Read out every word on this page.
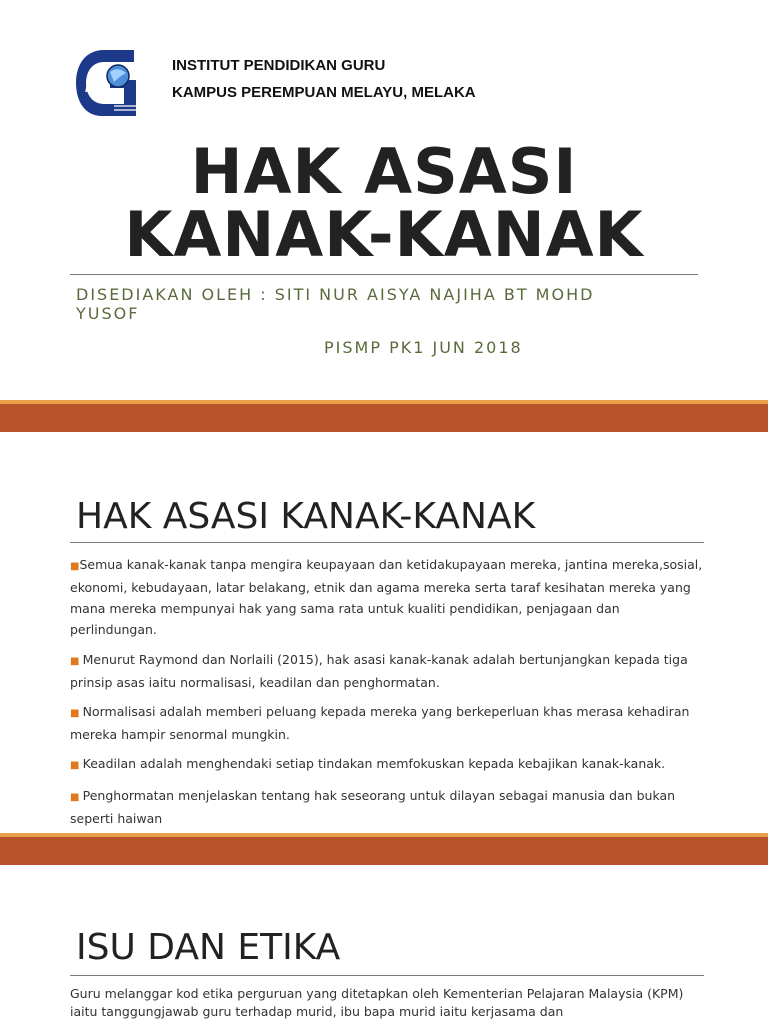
IPG
INSTITUT PENDIDIKAN GURU
KAMPUS PEREMPUAN MELAYU, MELAKA
HAK ASASI
KANAK-KANAK
DISEDIAKAN OLEH : SITI NUR AISYA NAJIHA BT MOHD
YUSOF
PISMP PK1 JUN 2018
HAK ASASI KANAK-KANAK
■Semua kanak-kanak tanpa mengira keupayaan dan ketidakupayaan mereka, jantina mereka,sosial, ekonomi, kebudayaan, latar belakang, etnik dan agama mereka serta taraf kesihatan mereka yang mana mereka mempunyai hak yang sama rata untuk kualiti pendidikan, penjagaan dan perlindungan.
■ Menurut Raymond dan Norlaili (2015), hak asasi kanak-kanak adalah bertunjangkan kepada tiga prinsip asas iaitu normalisasi, keadilan dan penghormatan.
■ Normalisasi adalah memberi peluang kepada mereka yang berkeperluan khas merasa kehadiran mereka hampir senormal mungkin.
■ Keadilan adalah menghendaki setiap tindakan memfokuskan kepada kebajikan kanak-kanak.
■ Penghormatan menjelaskan tentang hak seseorang untuk dilayan sebagai manusia dan bukan seperti haiwan
ISU DAN ETIKA
Guru melanggar kod etika perguruan yang ditetapkan oleh Kementerian Pelajaran Malaysia (KPM) iaitu tanggungjawab guru terhadap murid, ibu bapa murid iaitu kerjasama dan
